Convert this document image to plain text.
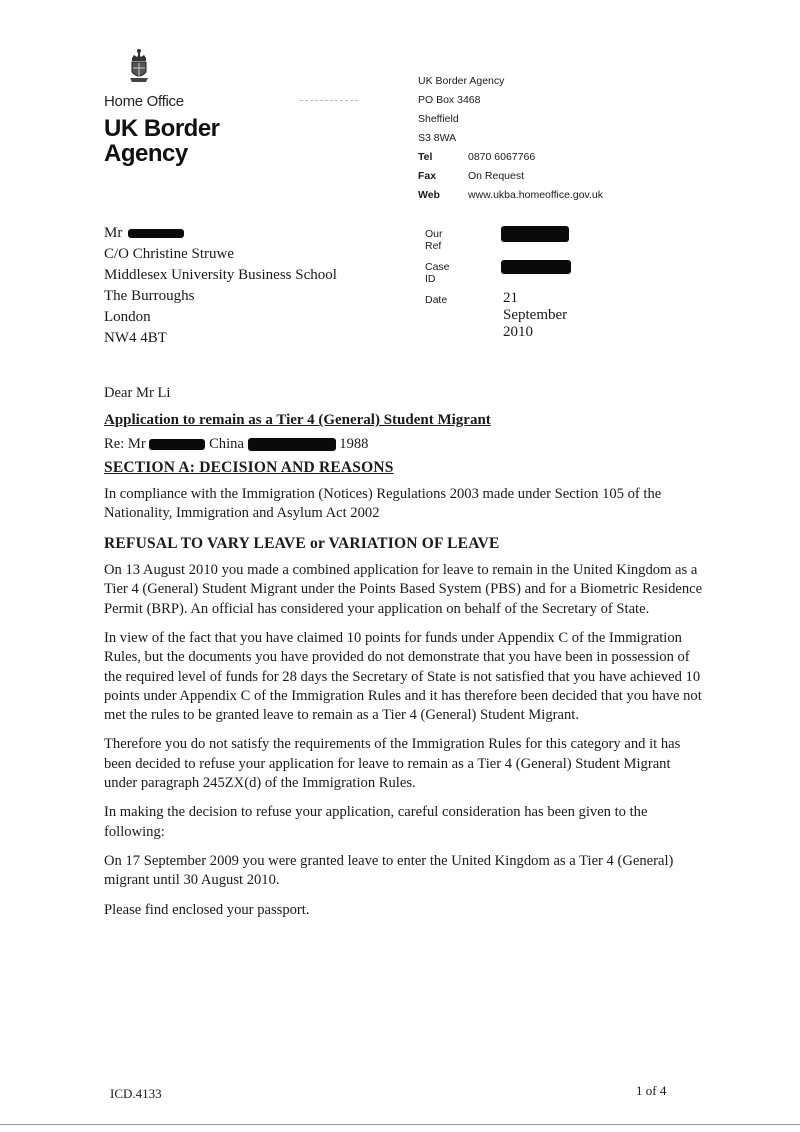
Home Office
UK Border
Agency
UK Border Agency
PO Box 3468
Sheffield
S3 8WA
Tel	0870 6067766
Fax	On Request
Web	www.ukba.homeoffice.gov.uk
Mr
C/O Christine Struwe
Middlesex University Business School
The Burroughs
London
NW4 4BT
Our Ref
Case ID
Date	21 September 2010

Dear Mr Li

Application to remain as a Tier 4 (General) Student Migrant

Re: Mr	China	1988

SECTION A: DECISION AND REASONS

In compliance with the Immigration (Notices) Regulations 2003 made under Section 105 of the Nationality, Immigration and Asylum Act 2002

REFUSAL TO VARY LEAVE or VARIATION OF LEAVE

On 13 August 2010 you made a combined application for leave to remain in the United Kingdom as a Tier 4 (General) Student Migrant under the Points Based System (PBS) and for a Biometric Residence Permit (BRP). An official has considered your application on behalf of the Secretary of State.

In view of the fact that you have claimed 10 points for funds under Appendix C of the Immigration Rules, but the documents you have provided do not demonstrate that you have been in possession of the required level of funds for 28 days the Secretary of State is not satisfied that you have achieved 10 points under Appendix C of the Immigration Rules and it has therefore been decided that you have not met the rules to be granted leave to remain as a Tier 4 (General) Student Migrant.

Therefore you do not satisfy the requirements of the Immigration Rules for this category and it has been decided to refuse your application for leave to remain as a Tier 4 (General) Student Migrant under paragraph 245ZX(d) of the Immigration Rules.

In making the decision to refuse your application, careful consideration has been given to the following:

On 17 September 2009 you were granted leave to enter the United Kingdom as a Tier 4 (General) migrant until 30 August 2010.

Please find enclosed your passport.

ICD.4133	1 of 4
